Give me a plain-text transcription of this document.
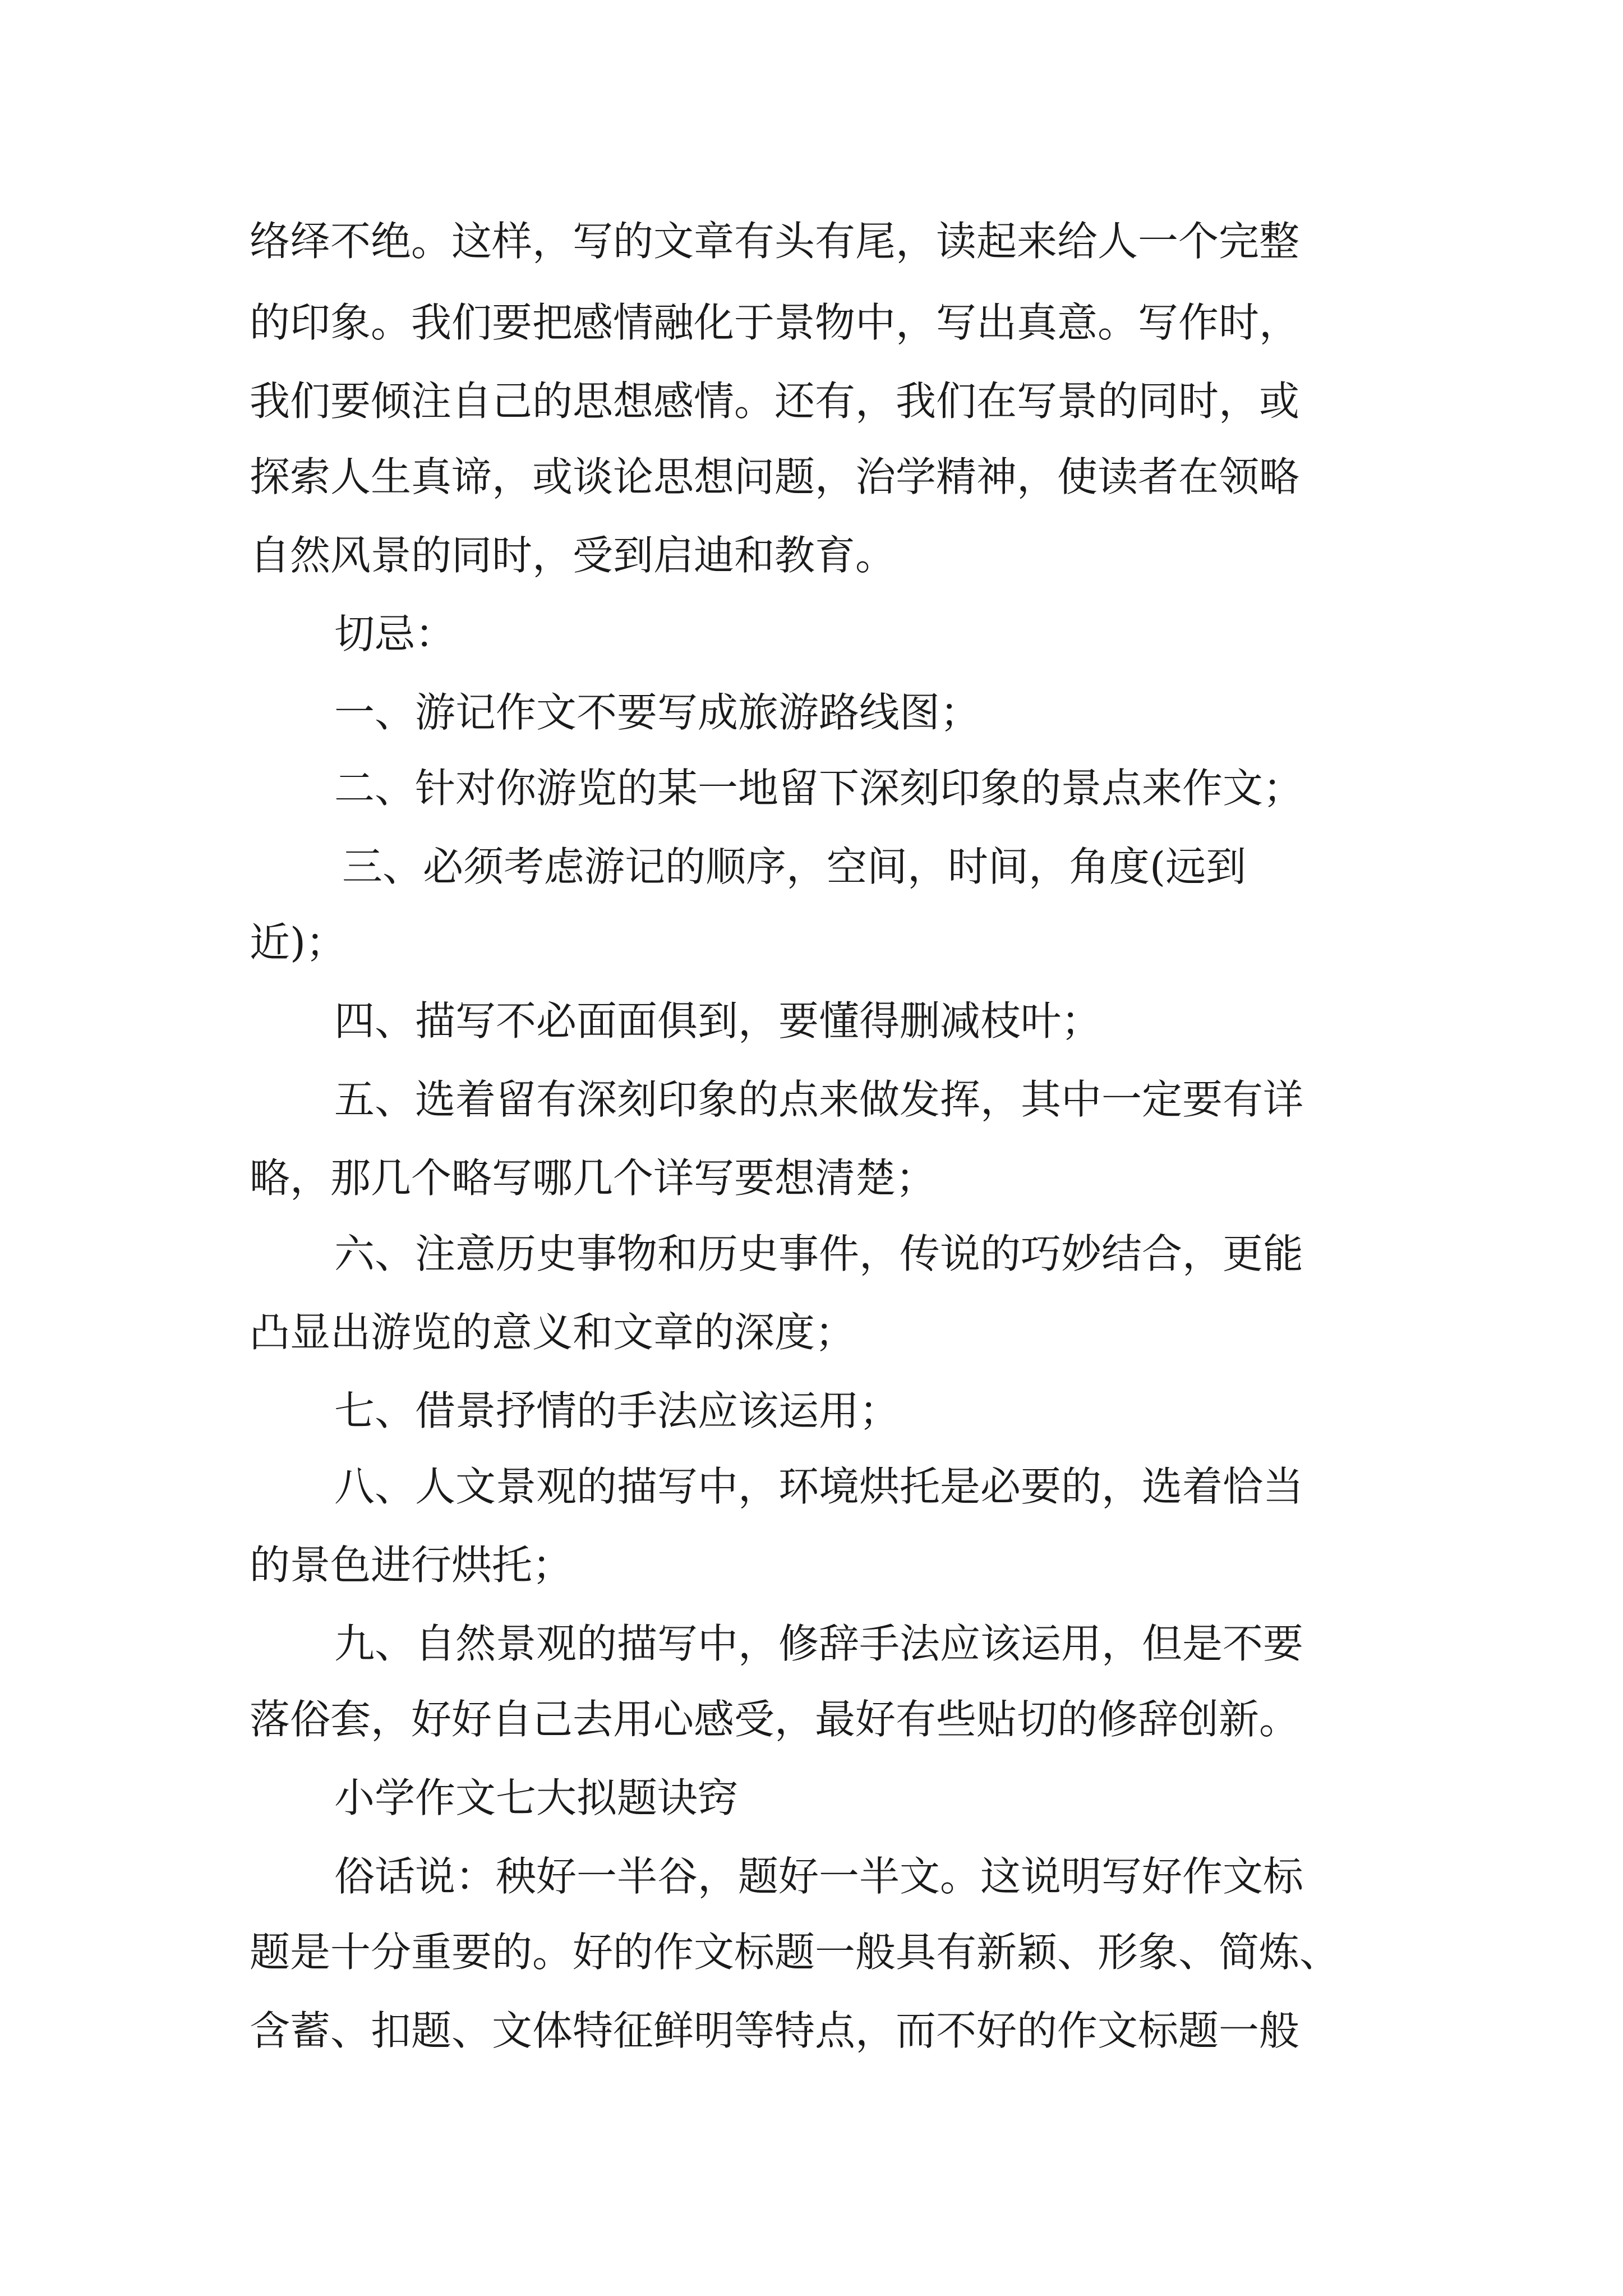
络绎不绝。这样，写的文章有头有尾，读起来给人一个完整
的印象。我们要把感情融化于景物中，写出真意。写作时，
我们要倾注自己的思想感情。还有，我们在写景的同时，或
探索人生真谛，或谈论思想问题，治学精神，使读者在领略
自然风景的同时，受到启迪和教育。
切忌：
一、游记作文不要写成旅游路线图；
二、针对你游览的某一地留下深刻印象的景点来作文；
三、必须考虑游记的顺序，空间，时间，角度(远到
近)；
四、描写不必面面俱到，要懂得删减枝叶；
五、选着留有深刻印象的点来做发挥，其中一定要有详
略，那几个略写哪几个详写要想清楚；
六、注意历史事物和历史事件，传说的巧妙结合，更能
凸显出游览的意义和文章的深度；
七、借景抒情的手法应该运用；
八、人文景观的描写中，环境烘托是必要的，选着恰当
的景色进行烘托；
九、自然景观的描写中，修辞手法应该运用，但是不要
落俗套，好好自己去用心感受，最好有些贴切的修辞创新。
小学作文七大拟题诀窍
俗话说：秧好一半谷，题好一半文。这说明写好作文标
题是十分重要的。好的作文标题一般具有新颖、形象、简炼、
含蓄、扣题、文体特征鲜明等特点，而不好的作文标题一般
